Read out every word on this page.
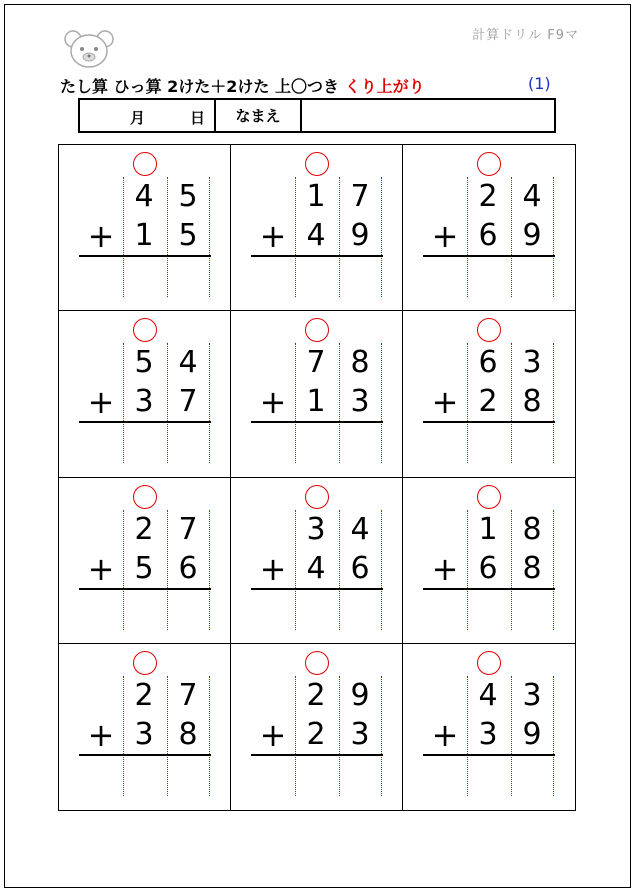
計算ドリル F9マ
たし算 ひっ算 2けた＋2けた 上〇つき くり上がり	(1)
月	日	なまえ
4 5
+ 1 5
1 7
+ 4 9
2 4
+ 6 9
5 4
+ 3 7
7 8
+ 1 3
6 3
+ 2 8
2 7
+ 5 6
3 4
+ 4 6
1 8
+ 6 8
2 7
+ 3 8
2 9
+ 2 3
4 3
+ 3 9
